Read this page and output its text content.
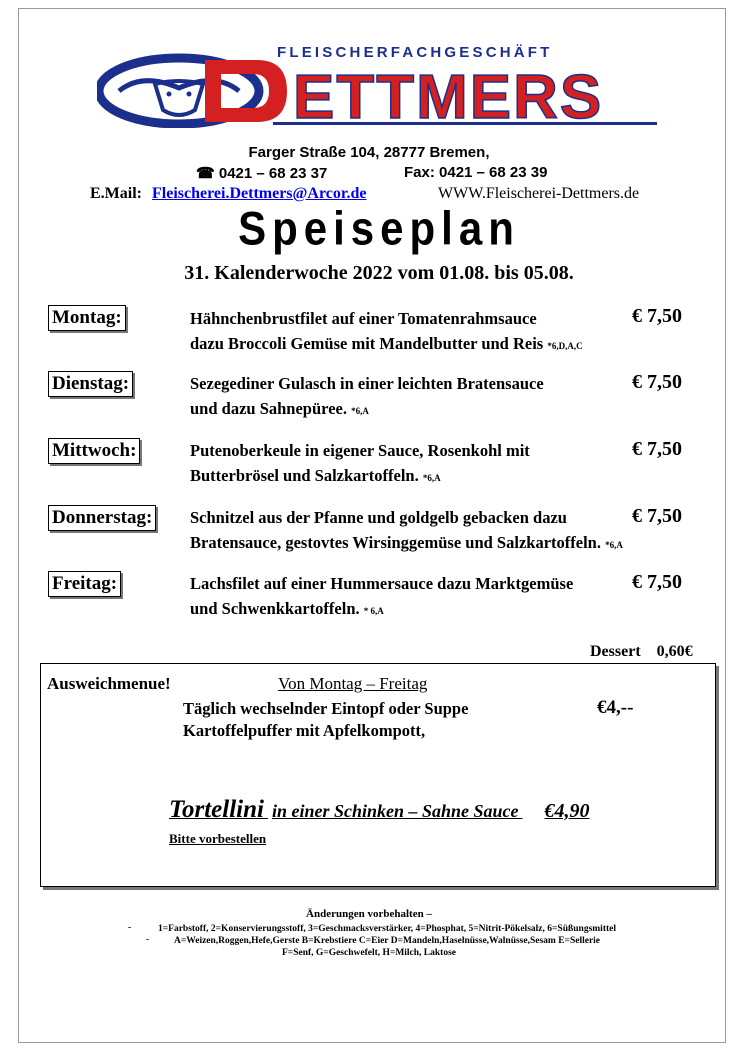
FLEISCHERFACHGESCHÄFT
ETTMERS
Farger Straße 104, 28777 Bremen,
☎ 0421 – 68 23 37	Fax: 0421 – 68 23 39
E.Mail: Fleischerei.Dettmers@Arcor.de	WWW.Fleischerei-Dettmers.de
Speiseplan
31. Kalenderwoche 2022 vom 01.08. bis 05.08.
Montag:	Hähnchenbrustfilet auf einer Tomatenrahmsauce
dazu Broccoli Gemüse mit Mandelbutter und Reis *6,D,A,C
€ 7,50
Dienstag:	Sezegediner Gulasch in einer leichten Bratensauce
und dazu Sahnepüree. *6,A
€ 7,50
Mittwoch:	Putenoberkeule in eigener Sauce, Rosenkohl mit
Butterbrösel und Salzkartoffeln. *6,A
€ 7,50
Donnerstag: Schnitzel aus der Pfanne und goldgelb gebacken dazu
Bratensauce, gestovtes Wirsinggemüse und Salzkartoffeln. *6,A
€ 7,50
Freitag:	Lachsfilet auf einer Hummersauce dazu Marktgemüse
und Schwenkkartoffeln. * 6,A
€ 7,50
Dessert 0,60€
Ausweichmenue!	Von Montag – Freitag
Täglich wechselnder Eintopf oder Suppe	€4,--
Kartoffelpuffer mit Apfelkompott,
Tortellini in einer Schinken – Sahne Sauce €4,90
Bitte vorbestellen
Änderungen vorbehalten –
-	1=Farbstoff, 2=Konservierungsstoff, 3=Geschmacksverstärker, 4=Phosphat, 5=Nitrit-Pökelsalz, 6=Süßungsmittel
-	A=Weizen,Roggen,Hefe,Gerste B=Krebstiere C=Eier D=Mandeln,Haselnüsse,Walnüsse,Sesam E=Sellerie
F=Senf, G=Geschwefelt, H=Milch, Laktose
